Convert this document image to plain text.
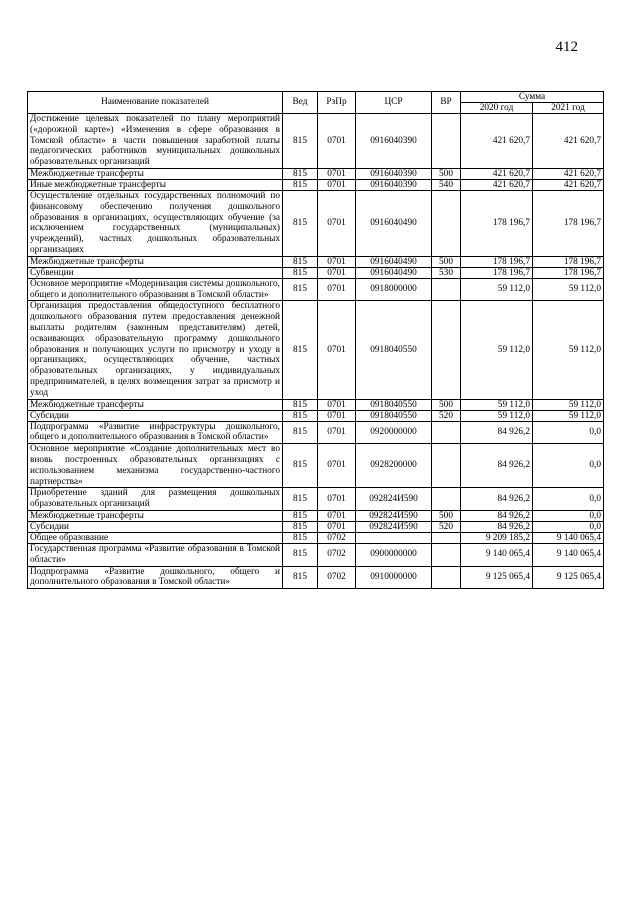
412
Наименование показателей	Вед	РзПр	ЦСР	ВР	Сумма	
					2020 год	2021 год
Достижение целевых показателей по плану мероприятий («дорожной карте») «Изменения в сфере образования в Томской области» в части повышения заработной платы педагогических работников муниципальных дошкольных образовательных организаций	815	0701	0916040390		421 620,7	421 620,7
Межбюджетные трансферты	815	0701	0916040390	500	421 620,7	421 620,7
Иные межбюджетные трансферты	815	0701	0916040390	540	421 620,7	421 620,7
Осуществление отдельных государственных полномочий по финансовому обеспечению получения дошкольного образования в организациях, осуществляющих обучение (за исключением государственных (муниципальных) учреждений), частных дошкольных образовательных организациях	815	0701	0916040490		178 196,7	178 196,7
Межбюджетные трансферты	815	0701	0916040490	500	178 196,7	178 196,7
Субвенции	815	0701	0916040490	530	178 196,7	178 196,7
Основное мероприятие «Модернизация системы дошкольного, общего и дополнительного образования в Томской области»	815	0701	0918000000		59 112,0	59 112,0
Организация предоставления общедоступного бесплатного дошкольного образования путем предоставления денежной выплаты родителям (законным представителям) детей, осваивающих образовательную программу дошкольного образования и получающих услуги по присмотру и уходу в организациях, осуществляющих обучение, частных образовательных организациях, у индивидуальных предпринимателей, в целях возмещения затрат за присмотр и уход	815	0701	0918040550		59 112,0	59 112,0
Межбюджетные трансферты	815	0701	0918040550	500	59 112,0	59 112,0
Субсидии	815	0701	0918040550	520	59 112,0	59 112,0
Подпрограмма «Развитие инфраструктуры дошкольного, общего и дополнительного образования в Томской области»	815	0701	0920000000		84 926,2	0,0
Основное мероприятие «Создание дополнительных мест во вновь построенных образовательных организациях с использованием механизма государственно-частного партнерства»	815	0701	0928200000		84 926,2	0,0
Приобретение зданий для размещения дошкольных образовательных организаций	815	0701	092824И590		84 926,2	0,0
Межбюджетные трансферты	815	0701	092824И590	500	84 926,2	0,0
Субсидии	815	0701	092824И590	520	84 926,2	0,0
Общее образование	815	0702			9 209 185,2	9 140 065,4
Государственная программа «Развитие образования в Томской области»	815	0702	0900000000		9 140 065,4	9 140 065,4
Подпрограмма «Развитие дошкольного, общего и дополнительного образования в Томской области»	815	0702	0910000000		9 125 065,4	9 125 065,4
